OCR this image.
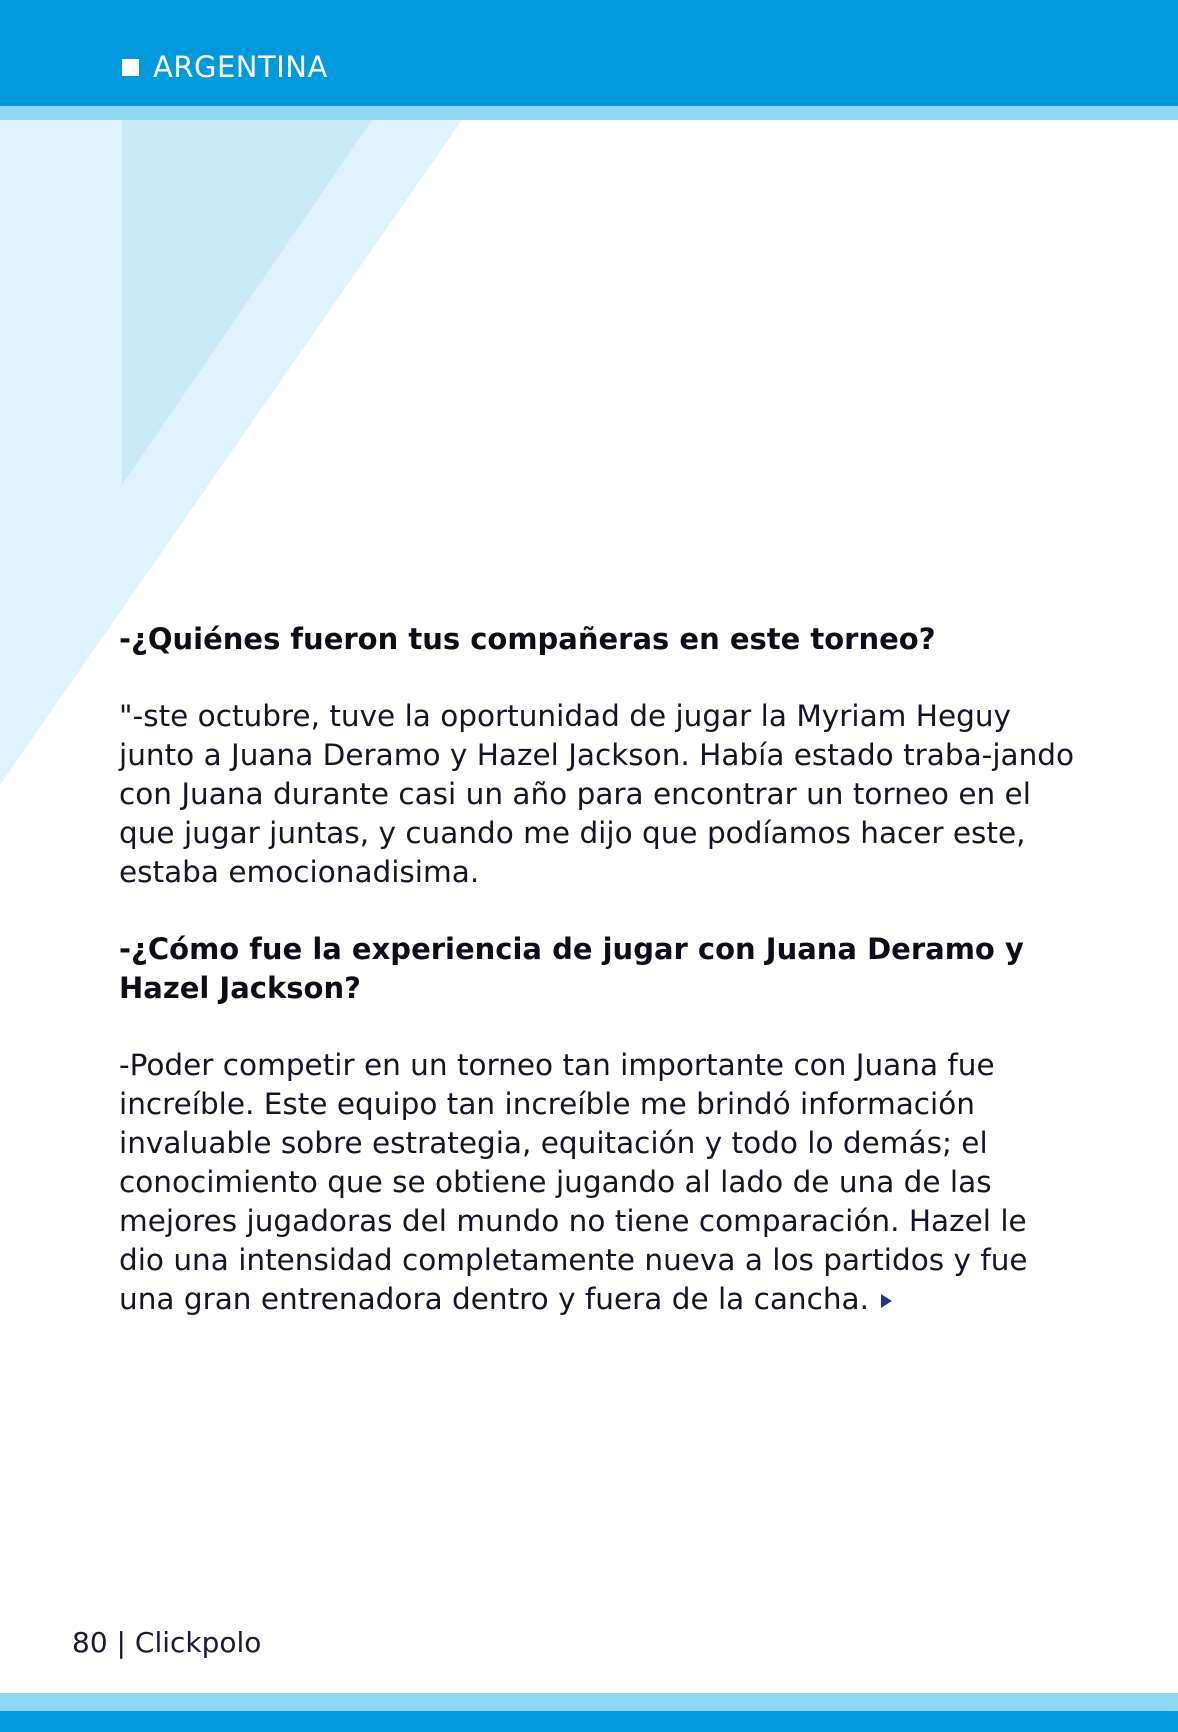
ARGENTINA

-¿Quiénes fueron tus compañeras en este torneo?

"-ste octubre, tuve la oportunidad de jugar la Myriam Heguy junto a Juana Deramo y Hazel Jackson. Había estado traba-jando con Juana durante casi un año para encontrar un torneo en el que jugar juntas, y cuando me dijo que podíamos hacer este, estaba emocionadisima.

-¿Cómo fue la experiencia de jugar con Juana Deramo y Hazel Jackson?

-Poder competir en un torneo tan importante con Juana fue increíble. Este equipo tan increíble me brindó información invaluable sobre estrategia, equitación y todo lo demás; el conocimiento que se obtiene jugando al lado de una de las mejores jugadoras del mundo no tiene comparación. Hazel le dio una intensidad completamente nueva a los partidos y fue una gran entrenadora dentro y fuera de la cancha.

80 | Clickpolo
